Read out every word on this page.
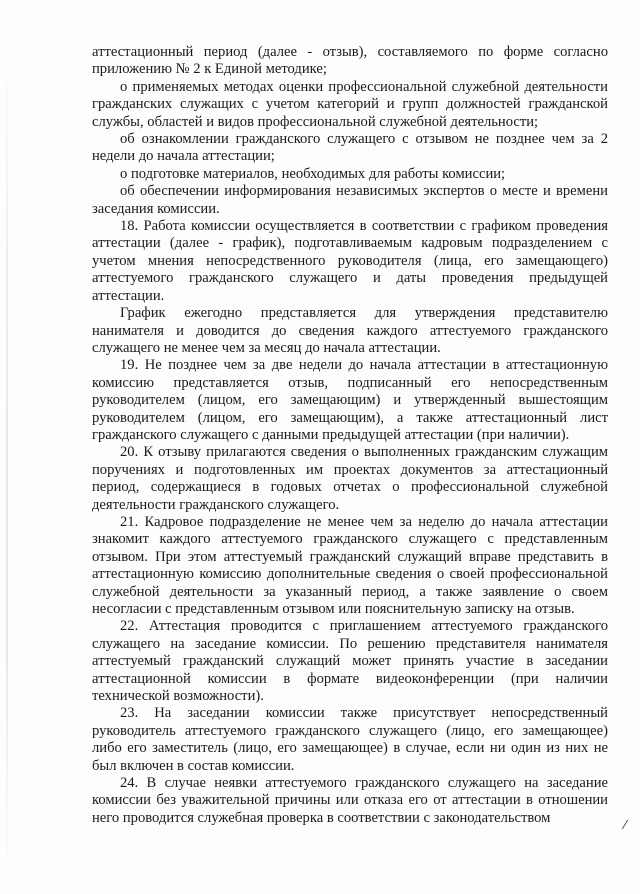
аттестационный период (далее - отзыв), составляемого по форме согласно приложению № 2 к Единой методике;

о применяемых методах оценки профессиональной служебной деятельности гражданских служащих с учетом категорий и групп должностей гражданской службы, областей и видов профессиональной служебной деятельности;

об ознакомлении гражданского служащего с отзывом не позднее чем за 2 недели до начала аттестации;

о подготовке материалов, необходимых для работы комиссии;

об обеспечении информирования независимых экспертов о месте и времени заседания комиссии.

18. Работа комиссии осуществляется в соответствии с графиком проведения аттестации (далее - график), подготавливаемым кадровым подразделением с учетом мнения непосредственного руководителя (лица, его замещающего) аттестуемого гражданского служащего и даты проведения предыдущей аттестации.

График ежегодно представляется для утверждения представителю нанимателя и доводится до сведения каждого аттестуемого гражданского служащего не менее чем за месяц до начала аттестации.

19. Не позднее чем за две недели до начала аттестации в аттестационную комиссию представляется отзыв, подписанный его непосредственным руководителем (лицом, его замещающим) и утвержденный вышестоящим руководителем (лицом, его замещающим), а также аттестационный лист гражданского служащего с данными предыдущей аттестации (при наличии).

20. К отзыву прилагаются сведения о выполненных гражданским служащим поручениях и подготовленных им проектах документов за аттестационный период, содержащиеся в годовых отчетах о профессиональной служебной деятельности гражданского служащего.

21. Кадровое подразделение не менее чем за неделю до начала аттестации знакомит каждого аттестуемого гражданского служащего с представленным отзывом. При этом аттестуемый гражданский служащий вправе представить в аттестационную комиссию дополнительные сведения о своей профессиональной служебной деятельности за указанный период, а также заявление о своем несогласии с представленным отзывом или пояснительную записку на отзыв.

22. Аттестация проводится с приглашением аттестуемого гражданского служащего на заседание комиссии. По решению представителя нанимателя аттестуемый гражданский служащий может принять участие в заседании аттестационной комиссии в формате видеоконференции (при наличии технической возможности).

23. На заседании комиссии также присутствует непосредственный руководитель аттестуемого гражданского служащего (лицо, его замещающее) либо его заместитель (лицо, его замещающее) в случае, если ни один из них не был включен в состав комиссии.

24. В случае неявки аттестуемого гражданского служащего на заседание комиссии без уважительной причины или отказа его от аттестации в отношении него проводится служебная проверка в соответствии с законодательством	⁄
